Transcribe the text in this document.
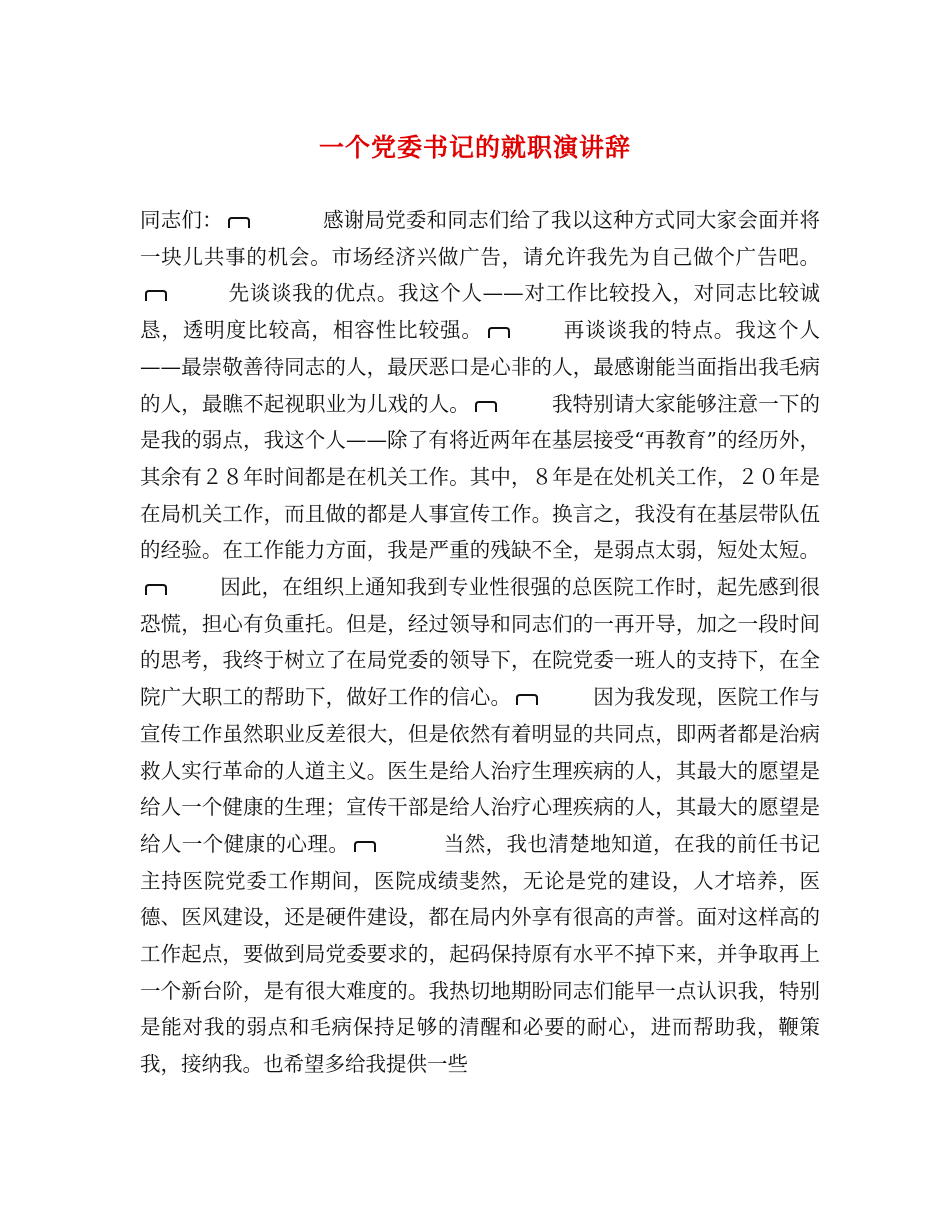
一个党委书记的就职演讲辞
同志们：	感谢局党委和同志们给了我以这种方式同大家会面并将一块儿共事的机会。市场经济兴做广告，请允许我先为自己做个广告吧。
先谈谈我的优点。我这个人——对工作比较投入，对同志比较诚恳，透明度比较高，相容性比较强。	再谈谈我的特点。我这个人——最崇敬善待同志的人，最厌恶口是心非的人，最感谢能当面指出我毛病的人，最瞧不起视职业为儿戏的人。	我特别请大家能够注意一下的是我的弱点，我这个人——除了有将近两年在基层接受“再教育”的经历外，其余有２８年时间都是在机关工作。其中，８年是在处机关工作，２０年是在局机关工作，而且做的都是人事宣传工作。换言之，我没有在基层带队伍的经验。在工作能力方面，我是严重的残缺不全，是弱点太弱，短处太短。
因此，在组织上通知我到专业性很强的总医院工作时，起先感到很恐慌，担心有负重托。但是，经过领导和同志们的一再开导，加之一段时间的思考，我终于树立了在局党委的领导下，在院党委一班人的支持下，在全院广大职工的帮助下，做好工作的信心。	因为我发现，医院工作与宣传工作虽然职业反差很大，但是依然有着明显的共同点，即两者都是治病救人实行革命的人道主义。医生是给人治疗生理疾病的人，其最大的愿望是给人一个健康的生理；宣传干部是给人治疗心理疾病的人，其最大的愿望是给人一个健康的心理。	当然，我也清楚地知道，在我的前任书记主持医院党委工作期间，医院成绩斐然，无论是党的建设，人才培养，医德、医风建设，还是硬件建设，都在局内外享有很高的声誉。面对这样高的工作起点，要做到局党委要求的，起码保持原有水平不掉下来，并争取再上一个新台阶，是有很大难度的。我热切地期盼同志们能早一点认识我，特别是能对我的弱点和毛病保持足够的清醒和必要的耐心，进而帮助我，鞭策我，接纳我。也希望多给我提供一些
